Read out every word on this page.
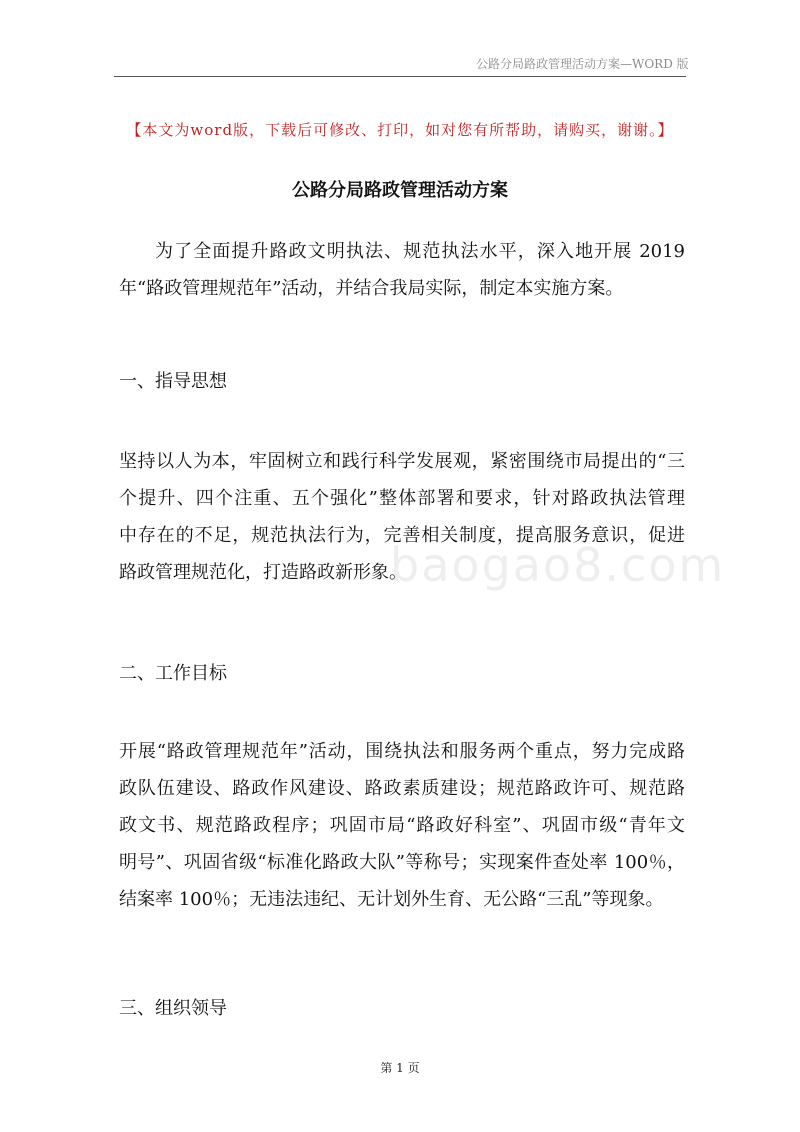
公路分局路政管理活动方案—WORD 版
【本文为word版，下载后可修改、打印，如对您有所帮助，请购买，谢谢。】
公路分局路政管理活动方案
为了全面提升路政文明执法、规范执法水平，深入地开展 2019
年“路政管理规范年”活动，并结合我局实际，制定本实施方案。
一、指导思想
坚持以人为本，牢固树立和践行科学发展观，紧密围绕市局提出的“三
个提升、四个注重、五个强化”整体部署和要求，针对路政执法管理
中存在的不足，规范执法行为，完善相关制度，提高服务意识，促进
路政管理规范化，打造路政新形象。
二、工作目标
开展“路政管理规范年”活动，围绕执法和服务两个重点，努力完成路
政队伍建设、路政作风建设、路政素质建设；规范路政许可、规范路
政文书、规范路政程序；巩固市局“路政好科室”、巩固市级“青年文
明号”、巩固省级“标准化路政大队”等称号；实现案件查处率 100％，
结案率 100％；无违法违纪、无计划外生育、无公路“三乱”等现象。
三、组织领导
baogao8.com
第 1 页
